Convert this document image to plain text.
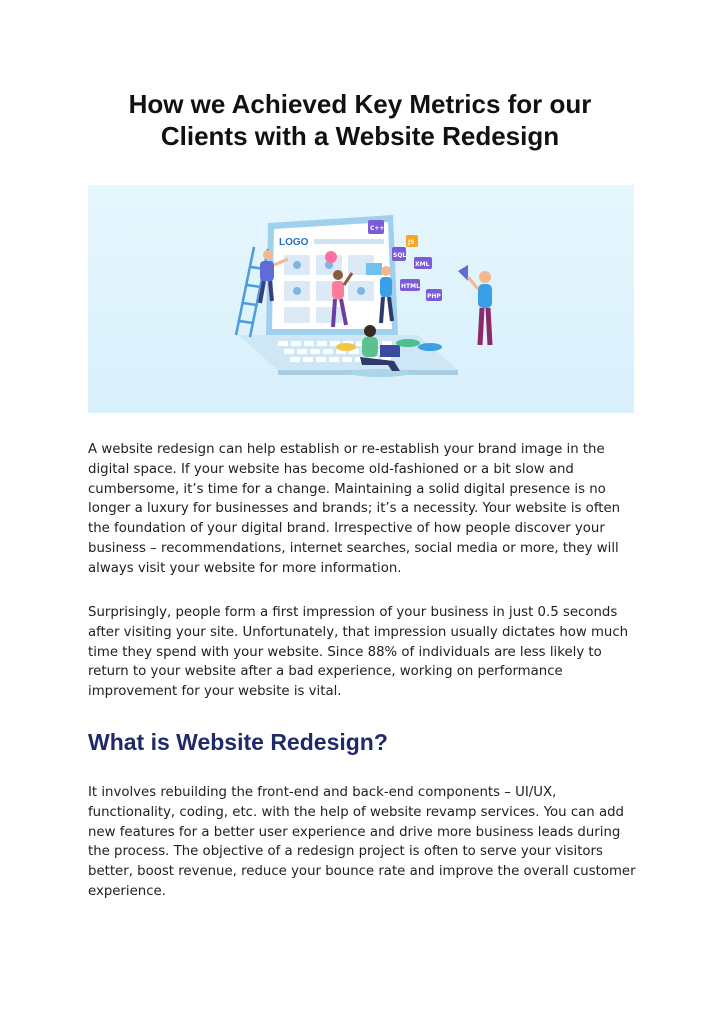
How we Achieved Key Metrics for our
Clients with a Website Redesign
LOGO
C++
JS
SQL
XML
HTML
PHP

A website redesign can help establish or re-establish your brand image in the digital space. If your website has become old-fashioned or a bit slow and cumbersome, it’s time for a change. Maintaining a solid digital presence is no longer a luxury for businesses and brands; it’s a necessity. Your website is often the foundation of your digital brand. Irrespective of how people discover your business – recommendations, internet searches, social media or more, they will always visit your website for more information.

Surprisingly, people form a first impression of your business in just 0.5 seconds after visiting your site. Unfortunately, that impression usually dictates how much time they spend with your website. Since 88% of individuals are less likely to return to your website after a bad experience, working on performance improvement for your website is vital.

What is Website Redesign?

It involves rebuilding the front-end and back-end components – UI/UX, functionality, coding, etc. with the help of website revamp services. You can add new features for a better user experience and drive more business leads during the process. The objective of a redesign project is often to serve your visitors better, boost revenue, reduce your bounce rate and improve the overall customer experience.
